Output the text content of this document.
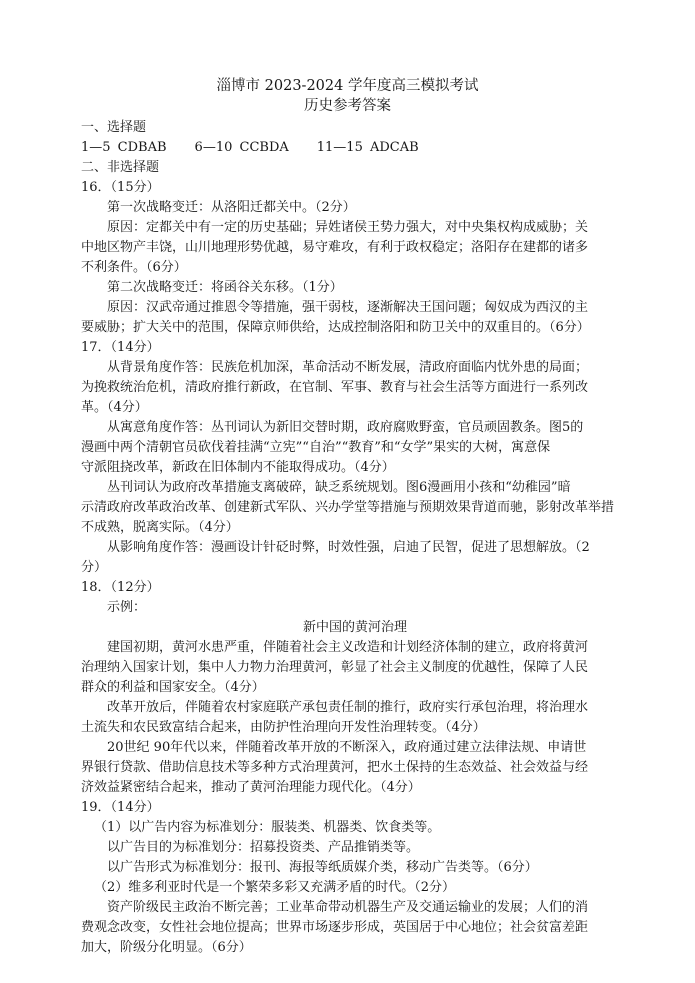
淄博市 2023-2024 学年度高三模拟考试
历史参考答案
一、选择题
1—5 CDBAB 6—10 CCBDA 11—15 ADCAB
二、非选择题
16．（15分）
第一次战略变迁：从洛阳迁都关中。（2分）
原因：定都关中有一定的历史基础；异姓诸侯王势力强大，对中央集权构成威胁；关
中地区物产丰饶，山川地理形势优越，易守难攻，有利于政权稳定；洛阳存在建都的诸多
不利条件。（6分）
第二次战略变迁：将函谷关东移。（1分）
原因：汉武帝通过推恩令等措施，强干弱枝，逐渐解决王国问题；匈奴成为西汉的主
要威胁；扩大关中的范围，保障京师供给，达成控制洛阳和防卫关中的双重目的。（6分）
17．（14分）
从背景角度作答：民族危机加深，革命活动不断发展，清政府面临内忧外患的局面；
为挽救统治危机，清政府推行新政，在官制、军事、教育与社会生活等方面进行一系列改
革。（4分）
从寓意角度作答：丛刊词认为新旧交替时期，政府腐败野蛮，官员顽固教条。图5的
漫画中两个清朝官员砍伐着挂满“立宪”“自治”“教育”和“女学”果实的大树，寓意保
守派阻挠改革，新政在旧体制内不能取得成功。（4分）
丛刊词认为政府改革措施支离破碎，缺乏系统规划。图6漫画用小孩和“幼稚园”暗
示清政府改革政治改革、创建新式军队、兴办学堂等措施与预期效果背道而驰，影射改革举措
不成熟，脱离实际。（4分）
从影响角度作答：漫画设计针砭时弊，时效性强，启迪了民智，促进了思想解放。（2
分）
18．（12分）
示例：
新中国的黄河治理
建国初期，黄河水患严重，伴随着社会主义改造和计划经济体制的建立，政府将黄河
治理纳入国家计划，集中人力物力治理黄河，彰显了社会主义制度的优越性，保障了人民
群众的利益和国家安全。（4分）
改革开放后，伴随着农村家庭联产承包责任制的推行，政府实行承包治理，将治理水
土流失和农民致富结合起来，由防护性治理向开发性治理转变。（4分）
20世纪 90年代以来，伴随着改革开放的不断深入，政府通过建立法律法规、申请世
界银行贷款、借助信息技术等多种方式治理黄河，把水土保持的生态效益、社会效益与经
济效益紧密结合起来，推动了黄河治理能力现代化。（4分）
19．（14分）
（1）以广告内容为标准划分：服装类、机器类、饮食类等。
以广告目的为标准划分：招募投资类、产品推销类等。
以广告形式为标准划分：报刊、海报等纸质媒介类，移动广告类等。（6分）
（2）维多利亚时代是一个繁荣多彩又充满矛盾的时代。（2分）
资产阶级民主政治不断完善；工业革命带动机器生产及交通运输业的发展；人们的消
费观念改变，女性社会地位提高；世界市场逐步形成，英国居于中心地位；社会贫富差距
加大，阶级分化明显。（6分）
